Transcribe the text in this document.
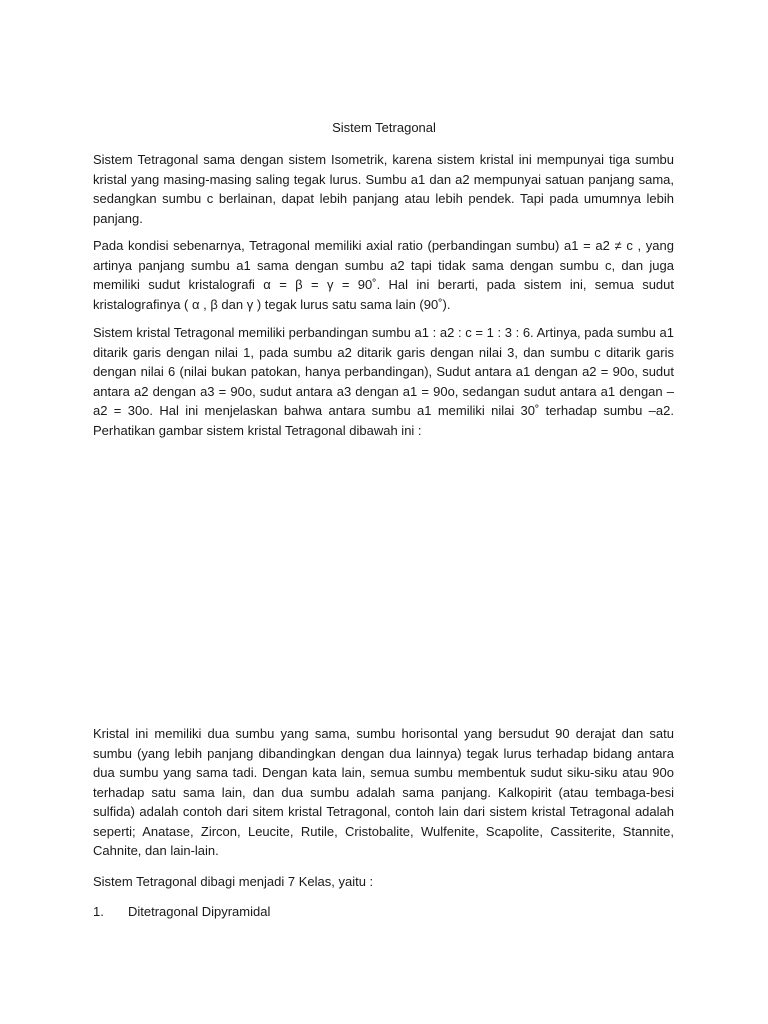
Sistem Tetragonal

Sistem Tetragonal sama dengan sistem Isometrik, karena sistem kristal ini mempunyai tiga sumbu kristal yang masing-masing saling tegak lurus. Sumbu a1 dan a2 mempunyai satuan panjang sama, sedangkan sumbu c berlainan, dapat lebih panjang atau lebih pendek. Tapi pada umumnya lebih panjang.

Pada kondisi sebenarnya, Tetragonal memiliki axial ratio (perbandingan sumbu) a1 = a2 ≠ c , yang artinya panjang sumbu a1 sama dengan sumbu a2 tapi tidak sama dengan sumbu c, dan juga memiliki sudut kristalografi α = β = γ = 90˚. Hal ini berarti, pada sistem ini, semua sudut kristalografinya ( α , β dan γ ) tegak lurus satu sama lain (90˚).

Sistem kristal Tetragonal memiliki perbandingan sumbu a1 : a2 : c = 1 : 3 : 6. Artinya, pada sumbu a1 ditarik garis dengan nilai 1, pada sumbu a2 ditarik garis dengan nilai 3, dan sumbu c ditarik garis dengan nilai 6 (nilai bukan patokan, hanya perbandingan), Sudut antara a1 dengan a2 = 90o, sudut antara a2 dengan a3 = 90o, sudut antara a3 dengan a1 = 90o, sedangan sudut antara a1 dengan –a2 = 30o. Hal ini menjelaskan bahwa antara sumbu a1 memiliki nilai 30˚ terhadap sumbu –a2. Perhatikan gambar sistem kristal Tetragonal dibawah ini :

Kristal ini memiliki dua sumbu yang sama, sumbu horisontal yang bersudut 90 derajat dan satu sumbu (yang lebih panjang dibandingkan dengan dua lainnya) tegak lurus terhadap bidang antara dua sumbu yang sama tadi. Dengan kata lain, semua sumbu membentuk sudut siku-siku atau 90o terhadap satu sama lain, dan dua sumbu adalah sama panjang. Kalkopirit (atau tembaga-besi sulfida) adalah contoh dari sitem kristal Tetragonal, contoh lain dari sistem kristal Tetragonal adalah seperti; Anatase, Zircon, Leucite, Rutile, Cristobalite, Wulfenite, Scapolite, Cassiterite, Stannite, Cahnite, dan lain-lain.

Sistem Tetragonal dibagi menjadi 7 Kelas, yaitu :

1. Ditetragonal Dipyramidal
